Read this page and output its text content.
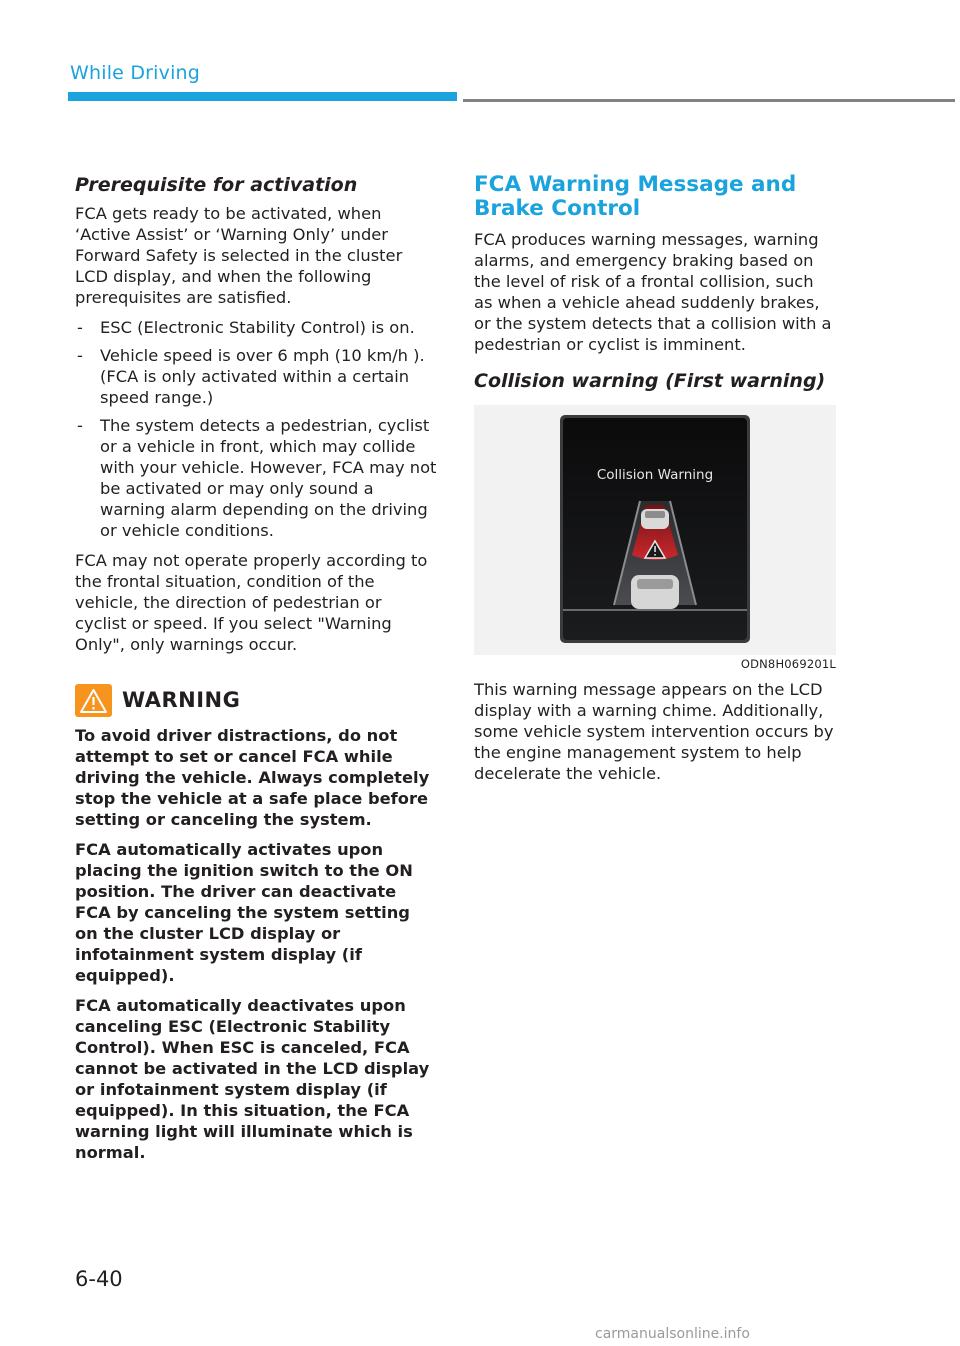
While Driving
Prerequisite for activation

FCA gets ready to be activated, when ‘Active Assist’ or ‘Warning Only’ under Forward Safety is selected in the cluster LCD display, and when the following prerequisites are satisfied.

- ESC (Electronic Stability Control) is on.
- Vehicle speed is over 6 mph (10 km/h ). (FCA is only activated within a certain speed range.)
- The system detects a pedestrian, cyclist or a vehicle in front, which may collide with your vehicle. However, FCA may not be activated or may only sound a warning alarm depending on the driving or vehicle conditions.

FCA may not operate properly according to the frontal situation, condition of the vehicle, the direction of pedestrian or cyclist or speed. If you select "Warning Only", only warnings occur.

WARNING

To avoid driver distractions, do not attempt to set or cancel FCA while driving the vehicle. Always completely stop the vehicle at a safe place before setting or canceling the system.

FCA automatically activates upon placing the ignition switch to the ON position. The driver can deactivate FCA by canceling the system setting on the cluster LCD display or infotainment system display (if equipped).

FCA automatically deactivates upon canceling ESC (Electronic Stability Control). When ESC is canceled, FCA cannot be activated in the LCD display or infotainment system display (if equipped). In this situation, the FCA warning light will illuminate which is normal.

FCA Warning Message and Brake Control

FCA produces warning messages, warning alarms, and emergency braking based on the level of risk of a frontal collision, such as when a vehicle ahead suddenly brakes, or the system detects that a collision with a pedestrian or cyclist is imminent.

Collision warning (First warning)
Collision Warning
ODN8H069201L

This warning message appears on the LCD display with a warning chime. Additionally, some vehicle system intervention occurs by the engine management system to help decelerate the vehicle.

6-40
carmanualsonline.info
